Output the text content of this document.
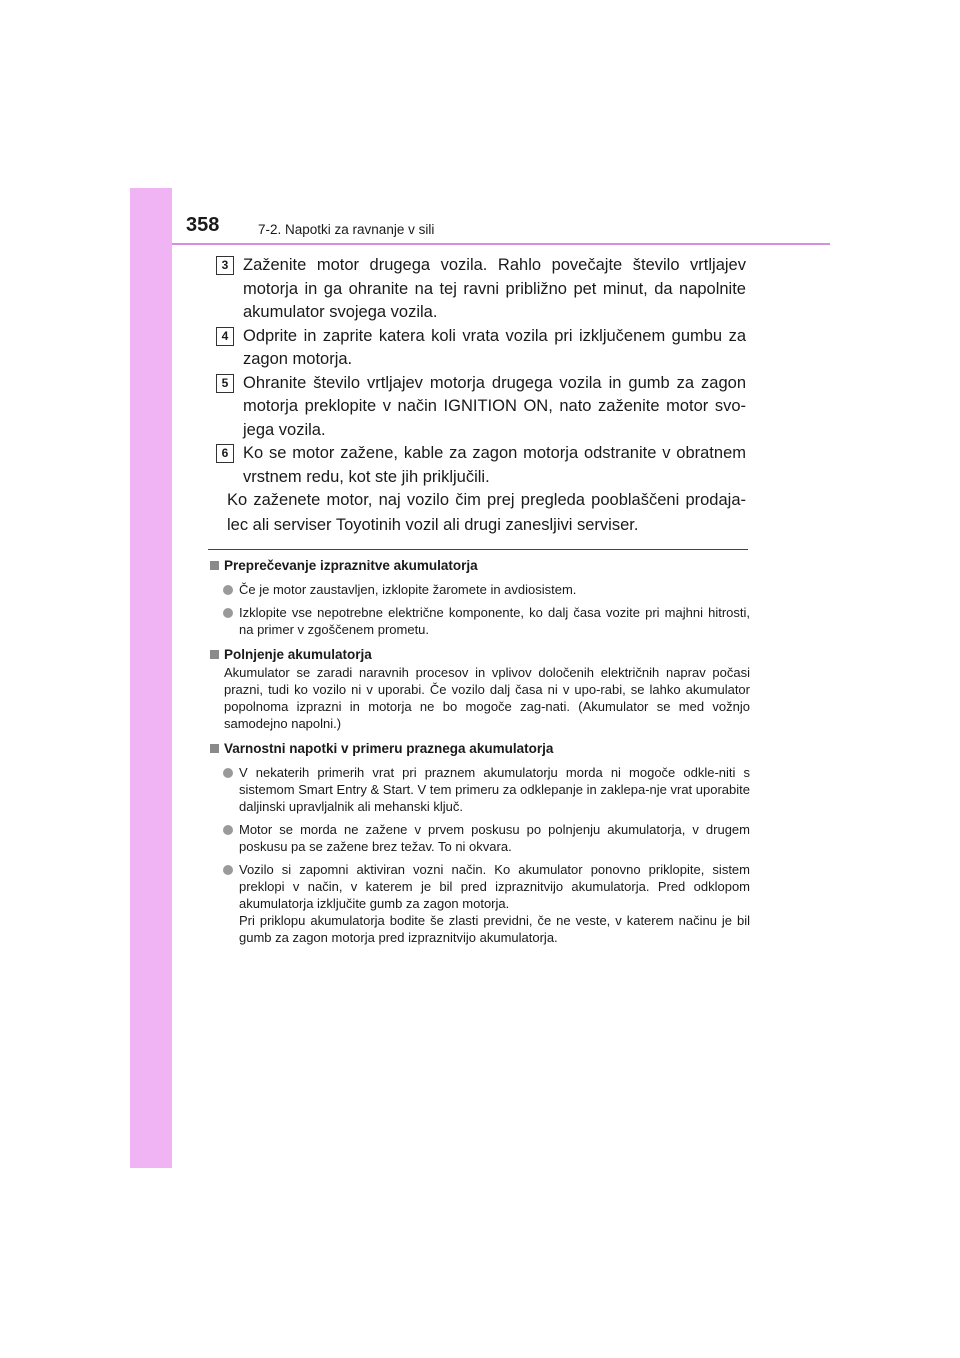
358	7-2. Napotki za ravnanje v sili
3 Zaženite motor drugega vozila. Rahlo povečajte število vrtljajev motorja in ga ohranite na tej ravni približno pet minut, da napolnite akumulator svojega vozila.
4 Odprite in zaprite katera koli vrata vozila pri izključenem gumbu za zagon motorja.
5 Ohranite število vrtljajev motorja drugega vozila in gumb za zagon motorja preklopite v način IGNITION ON, nato zaženite motor svo-jega vozila.
6 Ko se motor zažene, kable za zagon motorja odstranite v obratnem vrstnem redu, kot ste jih priključili.
Ko zaženete motor, naj vozilo čim prej pregleda pooblaščeni prodaja-lec ali serviser Toyotinih vozil ali drugi zanesljivi serviser.
Preprečevanje izpraznitve akumulatorja
Če je motor zaustavljen, izklopite žaromete in avdiosistem.
Izklopite vse nepotrebne električne komponente, ko dalj časa vozite pri majhni hitrosti, na primer v zgoščenem prometu.
Polnjenje akumulatorja
Akumulator se zaradi naravnih procesov in vplivov določenih električnih naprav počasi prazni, tudi ko vozilo ni v uporabi. Če vozilo dalj časa ni v upo-rabi, se lahko akumulator popolnoma izprazni in motorja ne bo mogoče zag-nati. (Akumulator se med vožnjo samodejno napolni.)
Varnostni napotki v primeru praznega akumulatorja
V nekaterih primerih vrat pri praznem akumulatorju morda ni mogoče odkle-niti s sistemom Smart Entry & Start. V tem primeru za odklepanje in zaklepa-nje vrat uporabite daljinski upravljalnik ali mehanski ključ.
Motor se morda ne zažene v prvem poskusu po polnjenju akumulatorja, v drugem poskusu pa se zažene brez težav. To ni okvara.
Vozilo si zapomni aktiviran vozni način. Ko akumulator ponovno priklopite, sistem preklopi v način, v katerem je bil pred izpraznitvijo akumulatorja. Pred odklopom akumulatorja izključite gumb za zagon motorja.
Pri priklopu akumulatorja bodite še zlasti previdni, če ne veste, v katerem načinu je bil gumb za zagon motorja pred izpraznitvijo akumulatorja.
